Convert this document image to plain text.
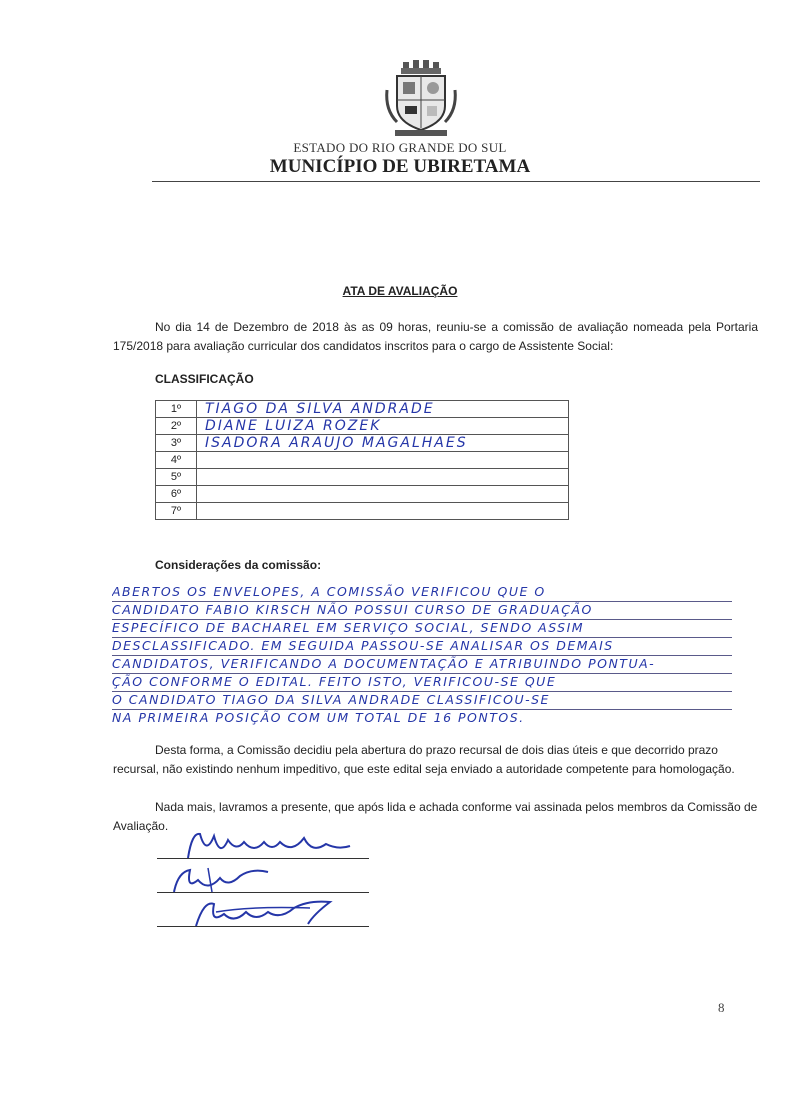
ESTADO DO RIO GRANDE DO SUL
MUNICÍPIO DE UBIRETAMA
ATA DE AVALIAÇÃO
No dia 14 de Dezembro de 2018 às as 09 horas, reuniu-se a comissão de avaliação nomeada pela Portaria 175/2018 para avaliação curricular dos candidatos inscritos para o cargo de Assistente Social:
CLASSIFICAÇÃO
1º	TIAGO DA SILVA ANDRADE
2º	DIANE LUIZA ROZEK
3º	ISADORA ARAUJO MAGALHAES
4º	
5º	
6º	
7º	
Considerações da comissão:
ABERTOS OS ENVELOPES, A COMISSÃO VERIFICOU QUE O
CANDIDATO FABIO KIRSCH NÃO POSSUI CURSO DE GRADUAÇÃO
ESPECÍFICO DE BACHAREL EM SERVIÇO SOCIAL, SENDO ASSIM
DESCLASSIFICADO. EM SEGUIDA PASSOU-SE ANALISAR OS DEMAIS
CANDIDATOS, VERIFICANDO A DOCUMENTAÇÃO E ATRIBUINDO PONTUA-
ÇÃO CONFORME O EDITAL. FEITO ISTO, VERIFICOU-SE QUE
O CANDIDATO TIAGO DA SILVA ANDRADE CLASSIFICOU-SE
NA PRIMEIRA POSIÇÃO COM UM TOTAL DE 16 PONTOS.
Desta forma, a Comissão decidiu pela abertura do prazo recursal de dois dias úteis e que decorrido prazo recursal, não existindo nenhum impeditivo, que este edital seja enviado a autoridade competente para homologação.
Nada mais, lavramos a presente, que após lida e achada conforme vai assinada pelos membros da Comissão de Avaliação.
8
